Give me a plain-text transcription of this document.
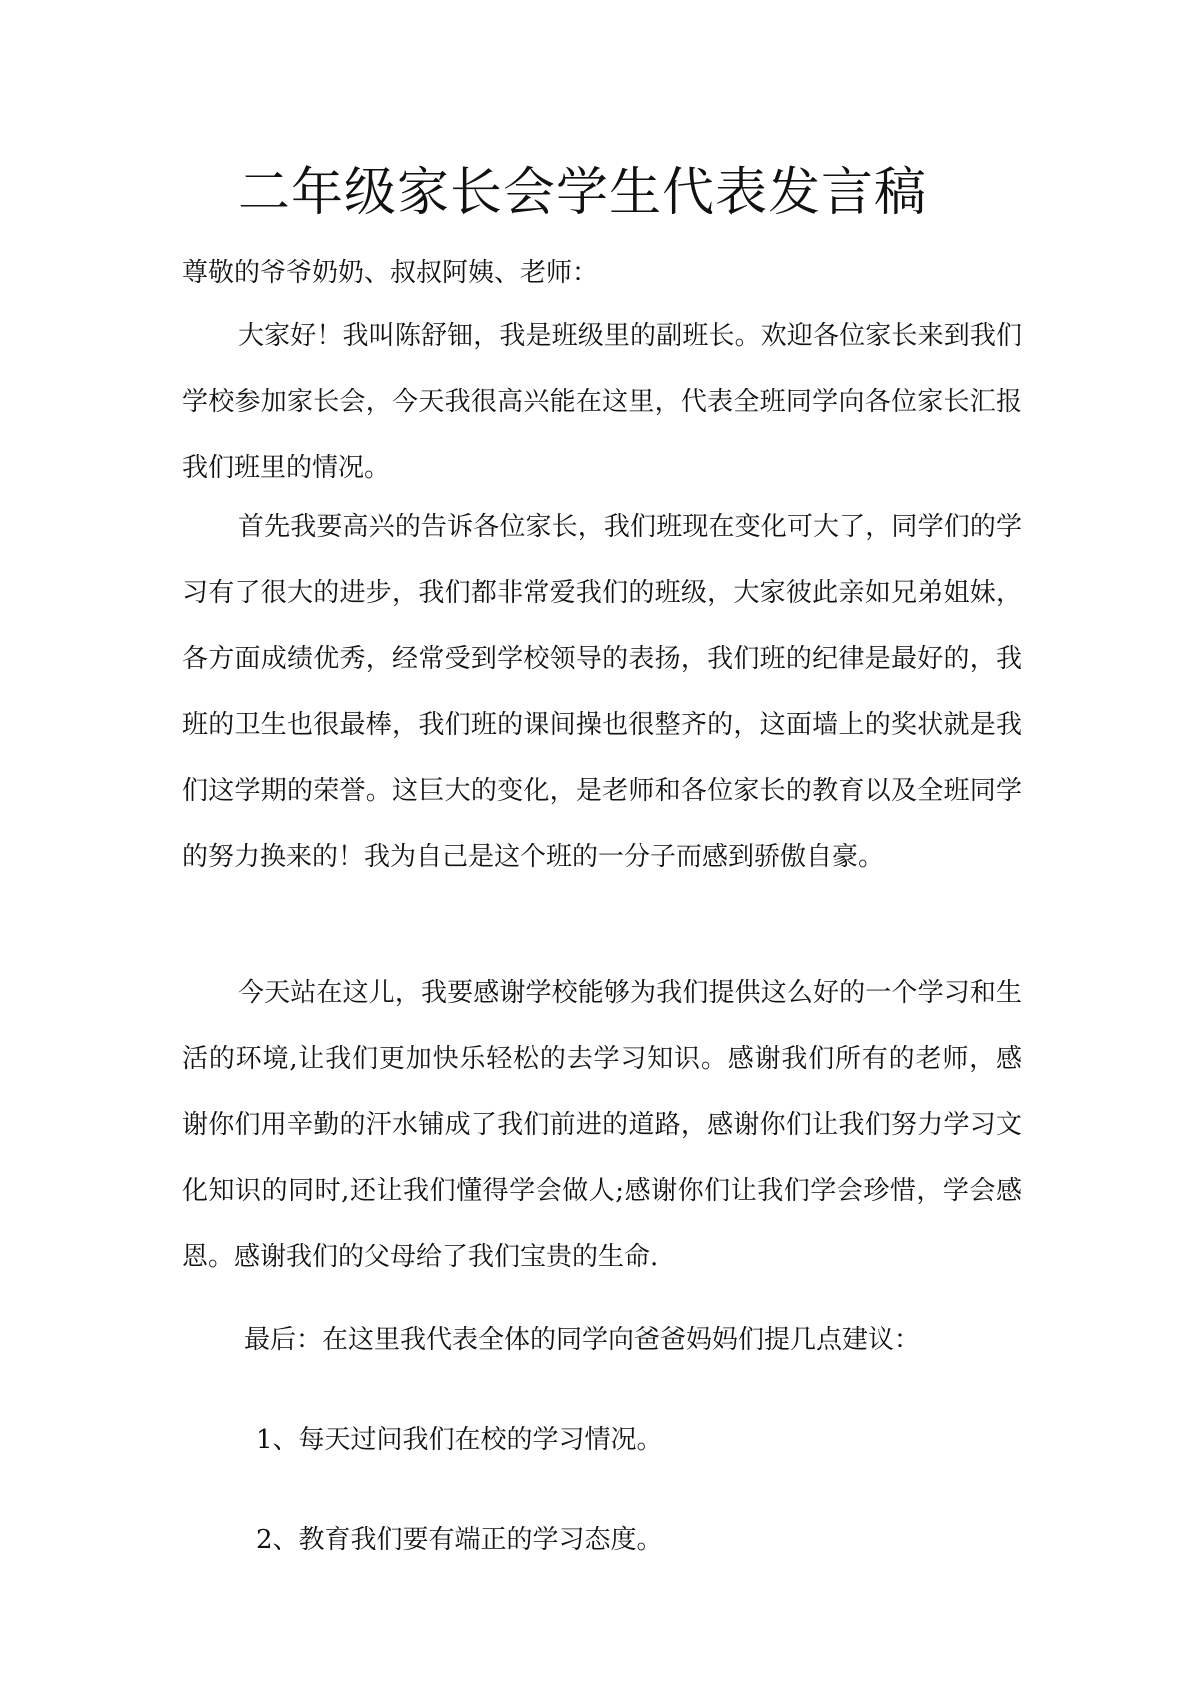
二年级家长会学生代表发言稿

尊敬的爷爷奶奶、叔叔阿姨、老师：

大家好！我叫陈舒钿，我是班级里的副班长。欢迎各位家长来到我们学校参加家长会，今天我很高兴能在这里，代表全班同学向各位家长汇报我们班里的情况。

首先我要高兴的告诉各位家长，我们班现在变化可大了，同学们的学习有了很大的进步，我们都非常爱我们的班级，大家彼此亲如兄弟姐妹，各方面成绩优秀，经常受到学校领导的表扬，我们班的纪律是最好的，我班的卫生也很最棒，我们班的课间操也很整齐的，这面墙上的奖状就是我们这学期的荣誉。这巨大的变化，是老师和各位家长的教育以及全班同学的努力换来的！我为自己是这个班的一分子而感到骄傲自豪。

今天站在这儿，我要感谢学校能够为我们提供这么好的一个学习和生活的环境,让我们更加快乐轻松的去学习知识。感谢我们所有的老师，感谢你们用辛勤的汗水铺成了我们前进的道路，感谢你们让我们努力学习文化知识的同时,还让我们懂得学会做人;感谢你们让我们学会珍惜，学会感恩。感谢我们的父母给了我们宝贵的生命.

最后：在这里我代表全体的同学向爸爸妈妈们提几点建议：

1、每天过问我们在校的学习情况。

2、教育我们要有端正的学习态度。
